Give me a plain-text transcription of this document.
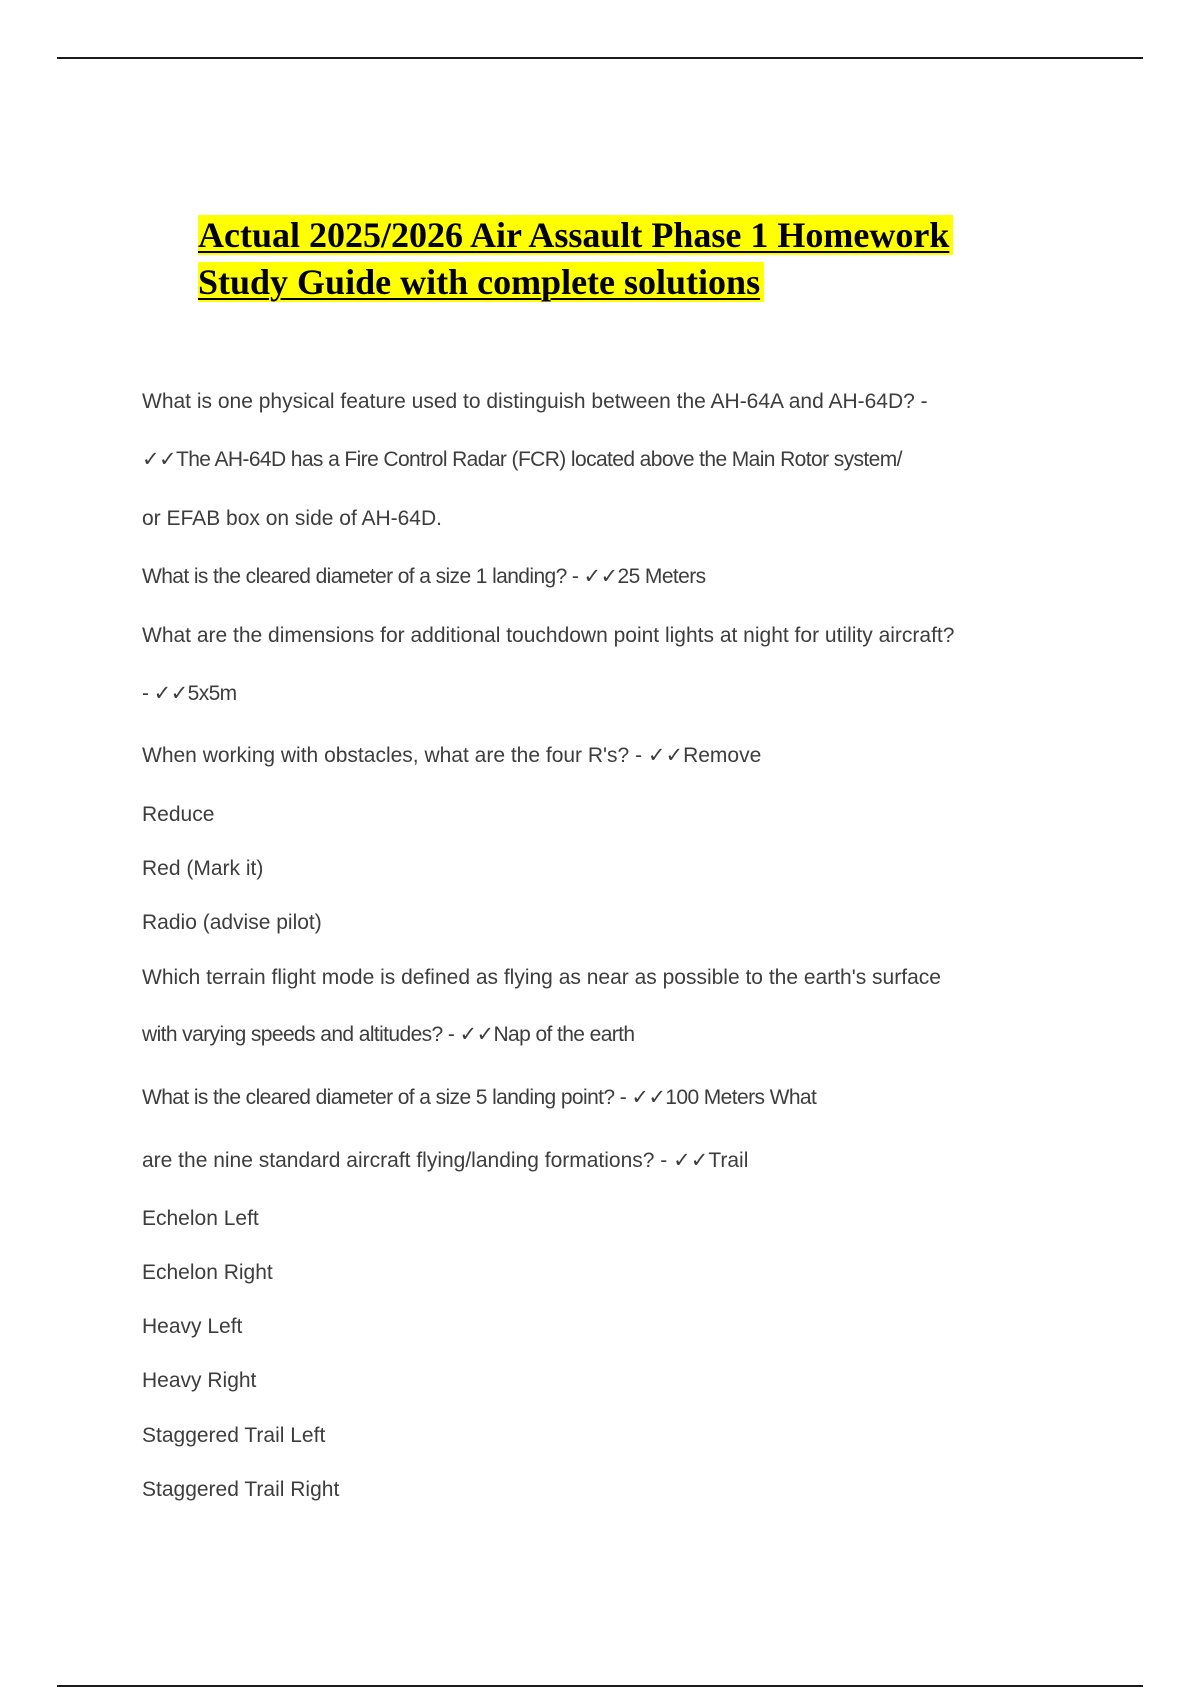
Actual 2025/2026 Air Assault Phase 1 Homework
Study Guide with complete solutions
What is one physical feature used to distinguish between the AH-64A and AH-64D? -
✓✓The AH-64D has a Fire Control Radar (FCR) located above the Main Rotor system/
or EFAB box on side of AH-64D.
What is the cleared diameter of a size 1 landing? - ✓✓25 Meters
What are the dimensions for additional touchdown point lights at night for utility aircraft?
- ✓✓5x5m
When working with obstacles, what are the four R's? - ✓✓Remove
Reduce
Red (Mark it)
Radio (advise pilot)
Which terrain flight mode is defined as flying as near as possible to the earth's surface
with varying speeds and altitudes? - ✓✓Nap of the earth
What is the cleared diameter of a size 5 landing point? - ✓✓100 Meters What
are the nine standard aircraft flying/landing formations? - ✓✓Trail
Echelon Left
Echelon Right
Heavy Left
Heavy Right
Staggered Trail Left
Staggered Trail Right
